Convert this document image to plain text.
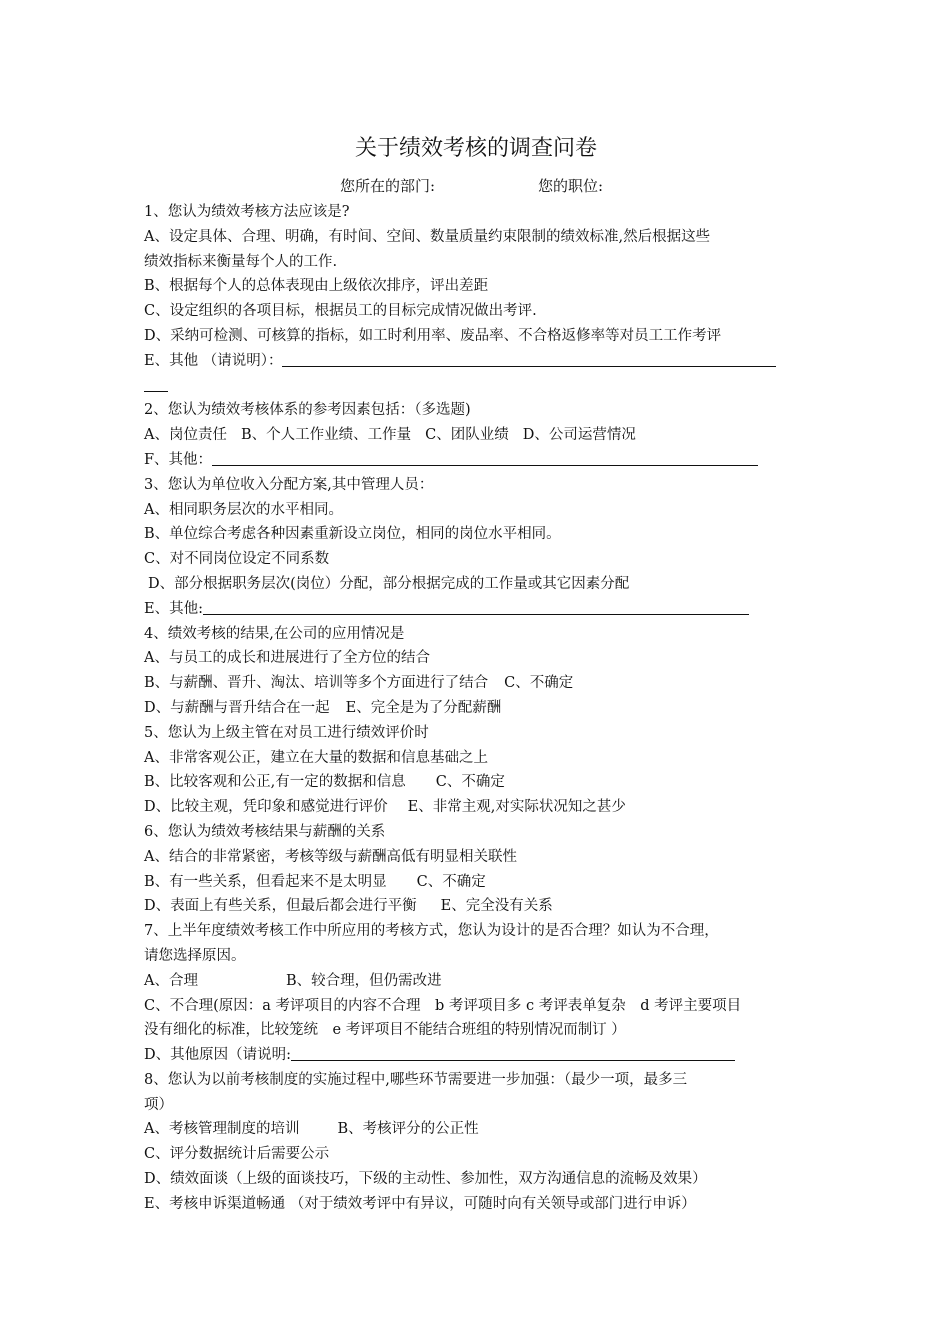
关于绩效考核的调查问卷
您所在的部门:	您的职位:
1、您认为绩效考核方法应该是?
A、设定具体、合理、明确，有时间、空间、数量质量约束限制的绩效标准,然后根据这些
绩效指标来衡量每个人的工作.
B、根据每个人的总体表现由上级依次排序，评出差距
C、设定组织的各项目标，根据员工的目标完成情况做出考评.
D、采纳可检测、可核算的指标，如工时利用率、废品率、不合格返修率等对员工工作考评
E、其他 （请说明）：
2、您认为绩效考核体系的参考因素包括：（多选题)
A、岗位责任 B、个人工作业绩、工作量 C、团队业绩 D、公司运营情况
F、其他：
3、您认为单位收入分配方案,其中管理人员：
A、相同职务层次的水平相同。
B、单位综合考虑各种因素重新设立岗位，相同的岗位水平相同。
C、对不同岗位设定不同系数
D、部分根据职务层次(岗位）分配，部分根据完成的工作量或其它因素分配
E、其他:
4、绩效考核的结果,在公司的应用情况是
A、与员工的成长和进展进行了全方位的结合
B、与薪酬、晋升、淘汰、培训等多个方面进行了结合 C、不确定
D、与薪酬与晋升结合在一起 E、完全是为了分配薪酬
5、您认为上级主管在对员工进行绩效评价时
A、非常客观公正，建立在大量的数据和信息基础之上
B、比较客观和公正,有一定的数据和信息 C、不确定
D、比较主观，凭印象和感觉进行评价 E、非常主观,对实际状况知之甚少
6、您认为绩效考核结果与薪酬的关系
A、结合的非常紧密，考核等级与薪酬高低有明显相关联性
B、有一些关系，但看起来不是太明显 C、不确定
D、表面上有些关系，但最后都会进行平衡 E、完全没有关系
7、上半年度绩效考核工作中所应用的考核方式，您认为设计的是否合理？如认为不合理，
请您选择原因。
A、合理	B、较合理，但仍需改进
C、不合理(原因：a 考评项目的内容不合理　b 考评项目多 c 考评表单复杂　d 考评主要项目
没有细化的标准，比较笼统　e 考评项目不能结合班组的特别情况而制订 ）
D、其他原因（请说明:
8、您认为以前考核制度的实施过程中,哪些环节需要进一步加强：（最少一项，最多三
项）
A、考核管理制度的培训	B、考核评分的公正性
C、评分数据统计后需要公示
D、绩效面谈（上级的面谈技巧，下级的主动性、参加性，双方沟通信息的流畅及效果）
E、考核申诉渠道畅通 （对于绩效考评中有异议，可随时向有关领导或部门进行申诉）
